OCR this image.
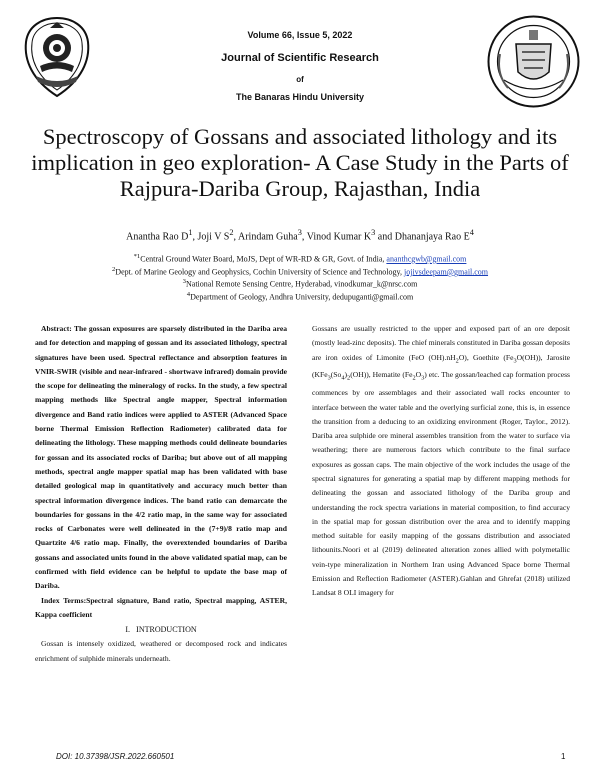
Volume 66, Issue 5, 2022
Journal of Scientific Research
of
The Banaras Hindu University
Spectroscopy of Gossans and associated lithology and its implication in geo exploration- A Case Study in the Parts of Rajpura-Dariba Group, Rajasthan, India
Anantha Rao $D^1$, Joji V $S^2$, Arindam Guha$^3$, Vinod Kumar $K^3$ and Dhananjaya Rao $E^4$
$^{*1}$Central Ground Water Board, MoJS, Dept of WR-RD & GR, Govt. of India, ananthcgwb@gmail.com
$^2$Dept. of Marine Geology and Geophysics, Cochin University of Science and Technology, jojivsdeepam@gmail.com
$^3$National Remote Sensing Centre, Hyderabad, vinodkumar_k@nrsc.com
$^4$Department of Geology, Andhra University, dedupuganti@gmail.com

Abstract: The gossan exposures are sparsely distributed in the Dariba area and for detection and mapping of gossan and its associated lithology, spectral signatures have been used. Spectral reflectance and absorption features in VNIR-SWIR (visible and near-infrared - shortwave infrared) domain provide the scope for delineating the mineralogy of rocks. In the study, a few spectral mapping methods like Spectral angle mapper, Spectral information divergence and Band ratio indices were applied to ASTER (Advanced Space borne Thermal Emission Reflection Radiometer) calibrated data for delineating the lithology. These mapping methods could delineate boundaries for gossan and its associated rocks of Dariba; but above out of all mapping methods, spectral angle mapper spatial map has been validated with base detailed geological map in quantitatively and accuracy much better than spectral information divergence indices. The band ratio can demarcate the boundaries for gossans in the 4/2 ratio map, in the same way for associated rocks of Carbonates were well delineated in the (7+9)/8 ratio map and Quartzite 4/6 ratio map. Finally, the overextended boundaries of Dariba gossans and associated units found in the above validated spatial map, can be confirmed with field evidence can be helpful to update the base map of Dariba.

Index Terms:Spectral signature, Band ratio, Spectral mapping, ASTER, Kappa coefficient

I. INTRODUCTION

Gossan is intensely oxidized, weathered or decomposed rock and indicates enrichment of sulphide minerals underneath.

Gossans are usually restricted to the upper and exposed part of an ore deposit (mostly lead-zinc deposits). The chief minerals constituted in Dariba gossan deposits are iron oxides of Limonite (FeO $(OH).nH_2O$), Goethite $(Fe_3O(OH))$, Jarosite $(KFe_3(So_4)_2(OH))$, Hematite $(Fe_2O_3)$ etc. The gossan/leached cap formation process commences by ore assemblages and their associated wall rocks encounter to interface between the water table and the overlying surficial zone, this is, in essence the transition from a deducing to an oxidizing environment (Roger, Taylor., 2012). Dariba area sulphide ore mineral assembles transition from the water to surface via weathering; there are numerous factors which contribute to the final surface exposures as gossan caps. The main objective of the work includes the usage of the spectral signatures for generating a spatial map by different mapping methods for delineating the gossan and associated lithology of the Dariba group and understanding the rock spectra variations in material composition, to find accuracy in the spatial map for gossan distribution over the area and to identify mapping method suitable for easily mapping of the gossans distribution and associated lithounits.Noori et al (2019) delineated alteration zones allied with polymetallic vein-type mineralization in Northern Iran using Advanced Space borne Thermal Emission and Reflection Radiometer (ASTER).Gahlan and Ghrefat (2018) utilized Landsat 8 OLI imagery for

DOI: 10.37398/JSR.2022.660501	1
